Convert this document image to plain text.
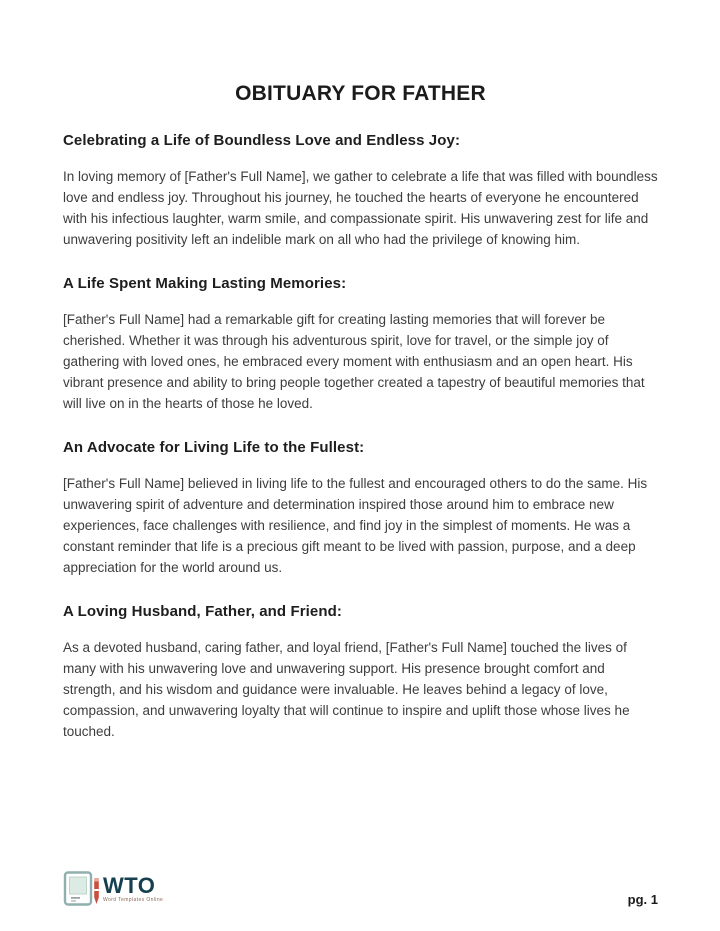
OBITUARY FOR FATHER
Celebrating a Life of Boundless Love and Endless Joy:

In loving memory of [Father's Full Name], we gather to celebrate a life that was filled with boundless love and endless joy. Throughout his journey, he touched the hearts of everyone he encountered with his infectious laughter, warm smile, and compassionate spirit. His unwavering zest for life and unwavering positivity left an indelible mark on all who had the privilege of knowing him.

A Life Spent Making Lasting Memories:

[Father's Full Name] had a remarkable gift for creating lasting memories that will forever be cherished. Whether it was through his adventurous spirit, love for travel, or the simple joy of gathering with loved ones, he embraced every moment with enthusiasm and an open heart. His vibrant presence and ability to bring people together created a tapestry of beautiful memories that will live on in the hearts of those he loved.

An Advocate for Living Life to the Fullest:

[Father's Full Name] believed in living life to the fullest and encouraged others to do the same. His unwavering spirit of adventure and determination inspired those around him to embrace new experiences, face challenges with resilience, and find joy in the simplest of moments. He was a constant reminder that life is a precious gift meant to be lived with passion, purpose, and a deep appreciation for the world around us.

A Loving Husband, Father, and Friend:

As a devoted husband, caring father, and loyal friend, [Father's Full Name] touched the lives of many with his unwavering love and unwavering support. His presence brought comfort and strength, and his wisdom and guidance were invaluable. He leaves behind a legacy of love, compassion, and unwavering loyalty that will continue to inspire and uplift those whose lives he touched.

WTO
Word Templates Online	pg. 1
